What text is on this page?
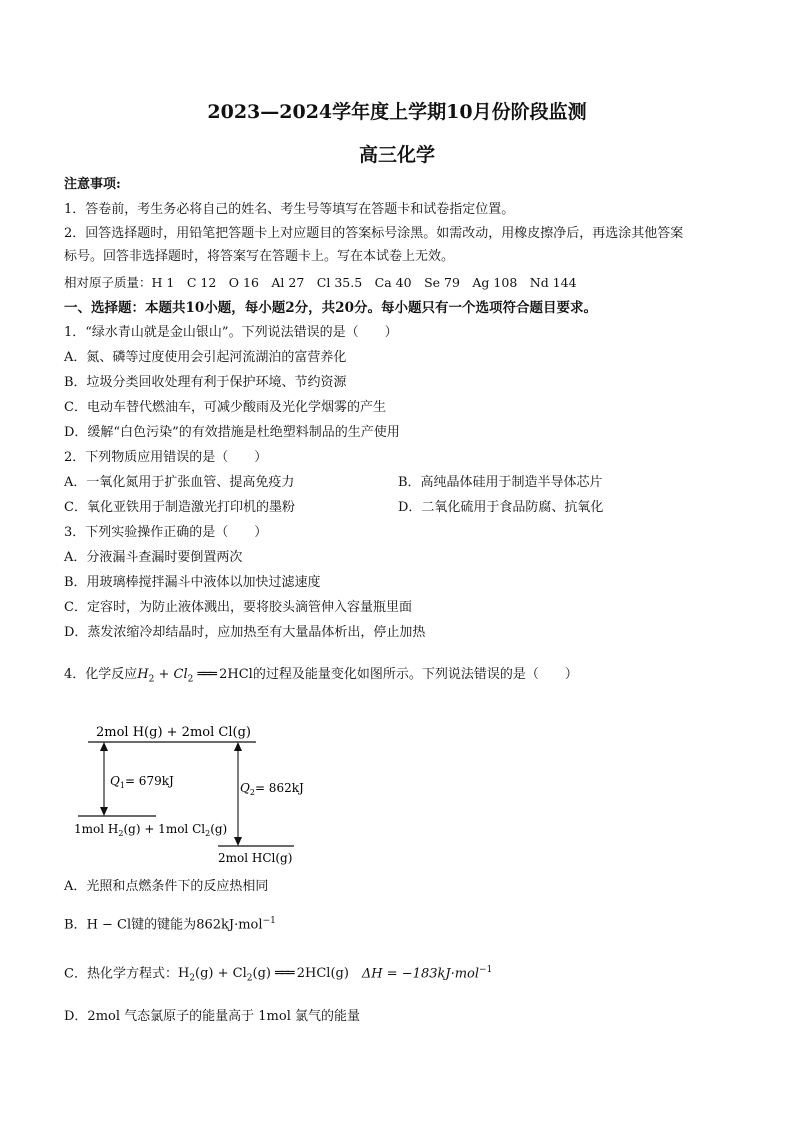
2023—2024学年度上学期10月份阶段监测
高三化学
注意事项:
1．答卷前，考生务必将自己的姓名、考生号等填写在答题卡和试卷指定位置。
2．回答选择题时，用铅笔把答题卡上对应题目的答案标号涂黑。如需改动，用橡皮擦净后，再选涂其他答案
标号。回答非选择题时，将答案写在答题卡上。写在本试卷上无效。
相对原子质量：H 1　C 12　O 16　Al 27　Cl 35.5　Ca 40　Se 79　Ag 108　Nd 144
一、选择题：本题共10小题，每小题2分，共20分。每小题只有一个选项符合题目要求。
1．“绿水青山就是金山银山”。下列说法错误的是（　　）
A．氮、磷等过度使用会引起河流湖泊的富营养化
B．垃圾分类回收处理有利于保护环境、节约资源
C．电动车替代燃油车，可减少酸雨及光化学烟雾的产生
D．缓解“白色污染”的有效措施是杜绝塑料制品的生产使用
2．下列物质应用错误的是（　　）
A．一氧化氮用于扩张血管、提高免疫力	B．高纯晶体硅用于制造半导体芯片
C．氧化亚铁用于制造激光打印机的墨粉	D．二氧化硫用于食品防腐、抗氧化
3．下列实验操作正确的是（　　）
A．分液漏斗查漏时要倒置两次
B．用玻璃棒搅拌漏斗中液体以加快过滤速度
C．定容时，为防止液体溅出，要将胶头滴管伸入容量瓶里面
D．蒸发浓缩冷却结晶时，应加热至有大量晶体析出，停止加热
4．化学反应$H_2 + Cl_2$ ═══ 2HCl的过程及能量变化如图所示。下列说法错误的是（　　）
2mol H(g) + 2mol Cl(g)
1mol $H_2(g) + 1mol$ $Cl_2(g)$
2mol HCl(g)
$Q_1= 679kJ$	$Q_2= 862kJ$
A．光照和点燃条件下的反应热相同
B．H − Cl键的键能为862kJ·mol$^{-1}$
C．热化学方程式：$H_2(g) + Cl_2(g)$ ═══ 2HCl(g)　ΔH = −183kJ·mol$^{-1}$
D．2mol 气态氯原子的能量高于 1mol 氯气的能量
